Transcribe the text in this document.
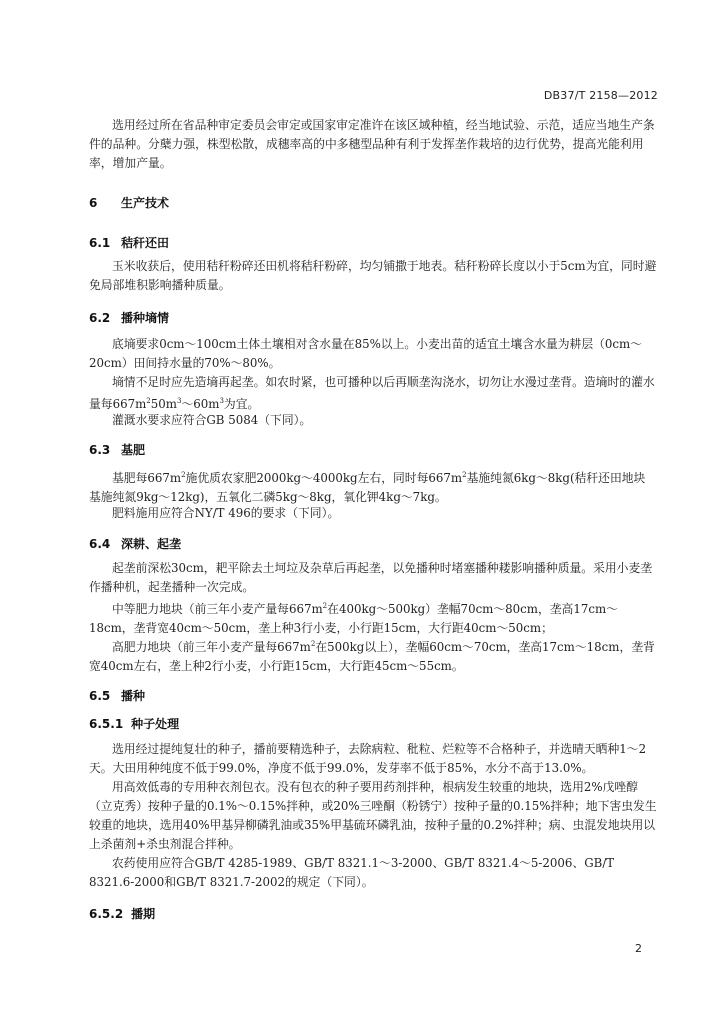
DB37/T 2158—2012

选用经过所在省品种审定委员会审定或国家审定准许在该区域种植，经当地试验、示范，适应当地生产条件的品种。分蘖力强，株型松散，成穗率高的中多穗型品种有利于发挥垄作栽培的边行优势，提高光能利用率，增加产量。

6 生产技术
6.1 秸秆还田

玉米收获后，使用秸秆粉碎还田机将秸秆粉碎，均匀铺撒于地表。秸秆粉碎长度以小于5cm为宜，同时避免局部堆积影响播种质量。

6.2 播种墒情

底墒要求0cm～100cm土体土壤相对含水量在85%以上。小麦出苗的适宜土壤含水量为耕层（0cm～20cm）田间持水量的70%～80%。

墒情不足时应先造墒再起垄。如农时紧，也可播种以后再顺垄沟浇水，切勿让水漫过垄背。造墒时的灌水量每$667m^250m^3\sim 60m^3$为宜。

灌溉水要求应符合GB 5084（下同）。

6.3 基肥

基肥每$667m^2$施优质农家肥2000kg～4000kg左右，同时每$667m^2$基施纯氮6kg～8kg(秸秆还田地块基施纯氮9kg～12kg)，五氧化二磷5kg～8kg，氧化钾4kg～7kg。

肥料施用应符合NY/T 496的要求（下同）。

6.4 深耕、起垄

起垄前深松30cm，耙平除去土坷垃及杂草后再起垄，以免播种时堵塞播种耧影响播种质量。采用小麦垄作播种机，起垄播种一次完成。

中等肥力地块（前三年小麦产量每$667m^2$在400kg～500kg）垄幅70cm～80cm，垄高17cm～18cm，垄背宽40cm～50cm，垄上种3行小麦，小行距15cm，大行距40cm～50cm；

高肥力地块（前三年小麦产量每$667m^2$在500kg以上），垄幅60cm～70cm，垄高17cm～18cm，垄背宽40cm左右，垄上种2行小麦，小行距15cm，大行距45cm～55cm。

6.5 播种
6.5.1 种子处理

选用经过提纯复壮的种子，播前要精选种子，去除病粒、秕粒、烂粒等不合格种子，并选晴天晒种1～2天。大田用种纯度不低于99.0%，净度不低于99.0%，发芽率不低于85%，水分不高于13.0%。

用高效低毒的专用种衣剂包衣。没有包衣的种子要用药剂拌种，根病发生较重的地块，选用2%戊唑醇（立克秀）按种子量的0.1%～0.15%拌种，或20%三唑酮（粉锈宁）按种子量的0.15%拌种；地下害虫发生较重的地块，选用40%甲基异柳磷乳油或35%甲基硫环磷乳油，按种子量的0.2%拌种；病、虫混发地块用以上杀菌剂+杀虫剂混合拌种。

农药使用应符合GB/T 4285-1989、GB/T 8321.1～3-2000、GB/T 8321.4～5-2006、GB/T 8321.6-2000和GB/T 8321.7-2002的规定（下同）。

6.5.2 播期
2
